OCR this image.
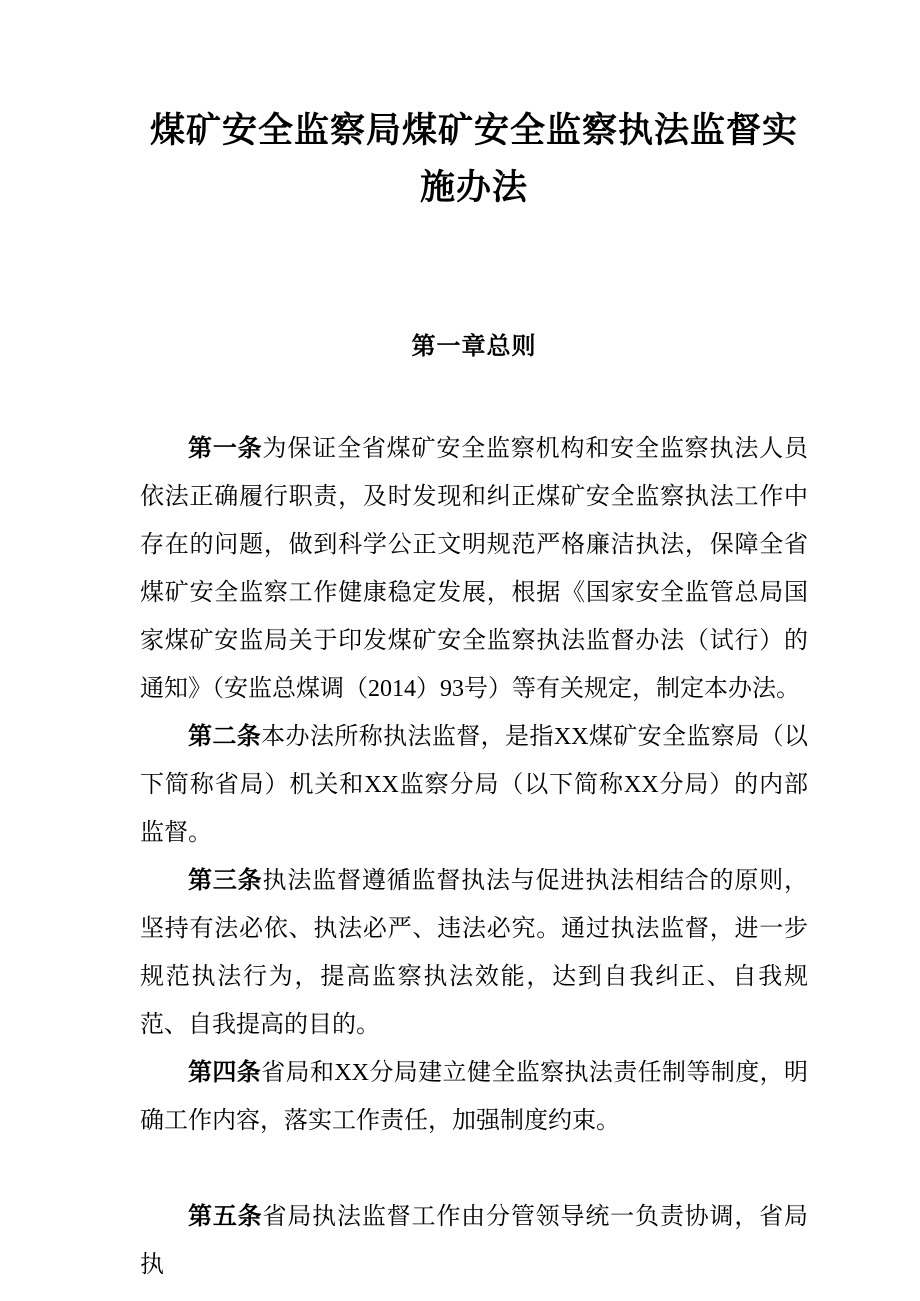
煤矿安全监察局煤矿安全监察执法监督实施办法
第一章总则

第一条为保证全省煤矿安全监察机构和安全监察执法人员依法正确履行职责，及时发现和纠正煤矿安全监察执法工作中存在的问题，做到科学公正文明规范严格廉洁执法，保障全省煤矿安全监察工作健康稳定发展，根据《国家安全监管总局国家煤矿安监局关于印发煤矿安全监察执法监督办法（试行）的通知》（安监总煤调（2014）93号）等有关规定，制定本办法。

第二条本办法所称执法监督，是指XX煤矿安全监察局（以下简称省局）机关和XX监察分局（以下简称XX分局）的内部监督。

第三条执法监督遵循监督执法与促进执法相结合的原则，坚持有法必依、执法必严、违法必究。通过执法监督，进一步规范执法行为，提高监察执法效能，达到自我纠正、自我规范、自我提高的目的。

第四条省局和XX分局建立健全监察执法责任制等制度，明确工作内容，落实工作责任，加强制度约束。

第五条省局执法监督工作由分管领导统一负责协调，省局执
